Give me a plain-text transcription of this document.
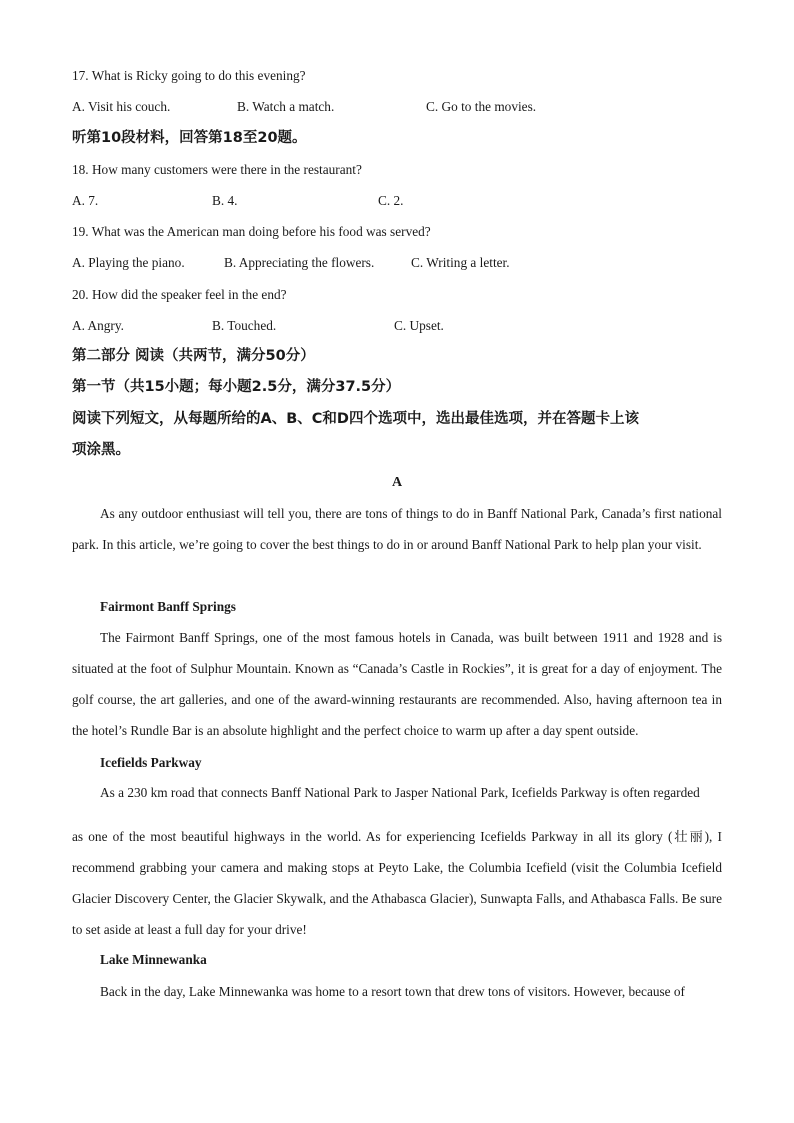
17. What is Ricky going to do this evening?
A. Visit his couch.	B. Watch a match.	C. Go to the movies.
听第10段材料，回答第18至20题。
18. How many customers were there in the restaurant?
A. 7.	B. 4.	C. 2.
19. What was the American man doing before his food was served?
A. Playing the piano.	B. Appreciating the flowers.	C. Writing a letter.
20. How did the speaker feel in the end?
A. Angry.	B. Touched.	C. Upset.
第二部分 阅读（共两节，满分50分）
第一节（共15小题；每小题2.5分，满分37.5分）
阅读下列短文，从每题所给的A、B、C和D四个选项中，选出最佳选项，并在答题卡上该
项涂黑。
A
As any outdoor enthusiast will tell you, there are tons of things to do in Banff National Park, Canada’s first national park. In this article, we’re going to cover the best things to do in or around Banff National Park to help plan your visit.
Fairmont Banff Springs
The Fairmont Banff Springs, one of the most famous hotels in Canada, was built between 1911 and 1928 and is situated at the foot of Sulphur Mountain. Known as “Canada’s Castle in Rockies”, it is great for a day of enjoyment. The golf course, the art galleries, and one of the award-winning restaurants are recommended. Also, having afternoon tea in the hotel’s Rundle Bar is an absolute highlight and the perfect choice to warm up after a day spent outside.
Icefields Parkway
As a 230 km road that connects Banff National Park to Jasper National Park, Icefields Parkway is often regarded
as one of the most beautiful highways in the world. As for experiencing Icefields Parkway in all its glory (壮丽), I recommend grabbing your camera and making stops at Peyto Lake, the Columbia Icefield (visit the Columbia Icefield Glacier Discovery Center, the Glacier Skywalk, and the Athabasca Glacier), Sunwapta Falls, and Athabasca Falls. Be sure to set aside at least a full day for your drive!
Lake Minnewanka
Back in the day, Lake Minnewanka was home to a resort town that drew tons of visitors. However, because of
